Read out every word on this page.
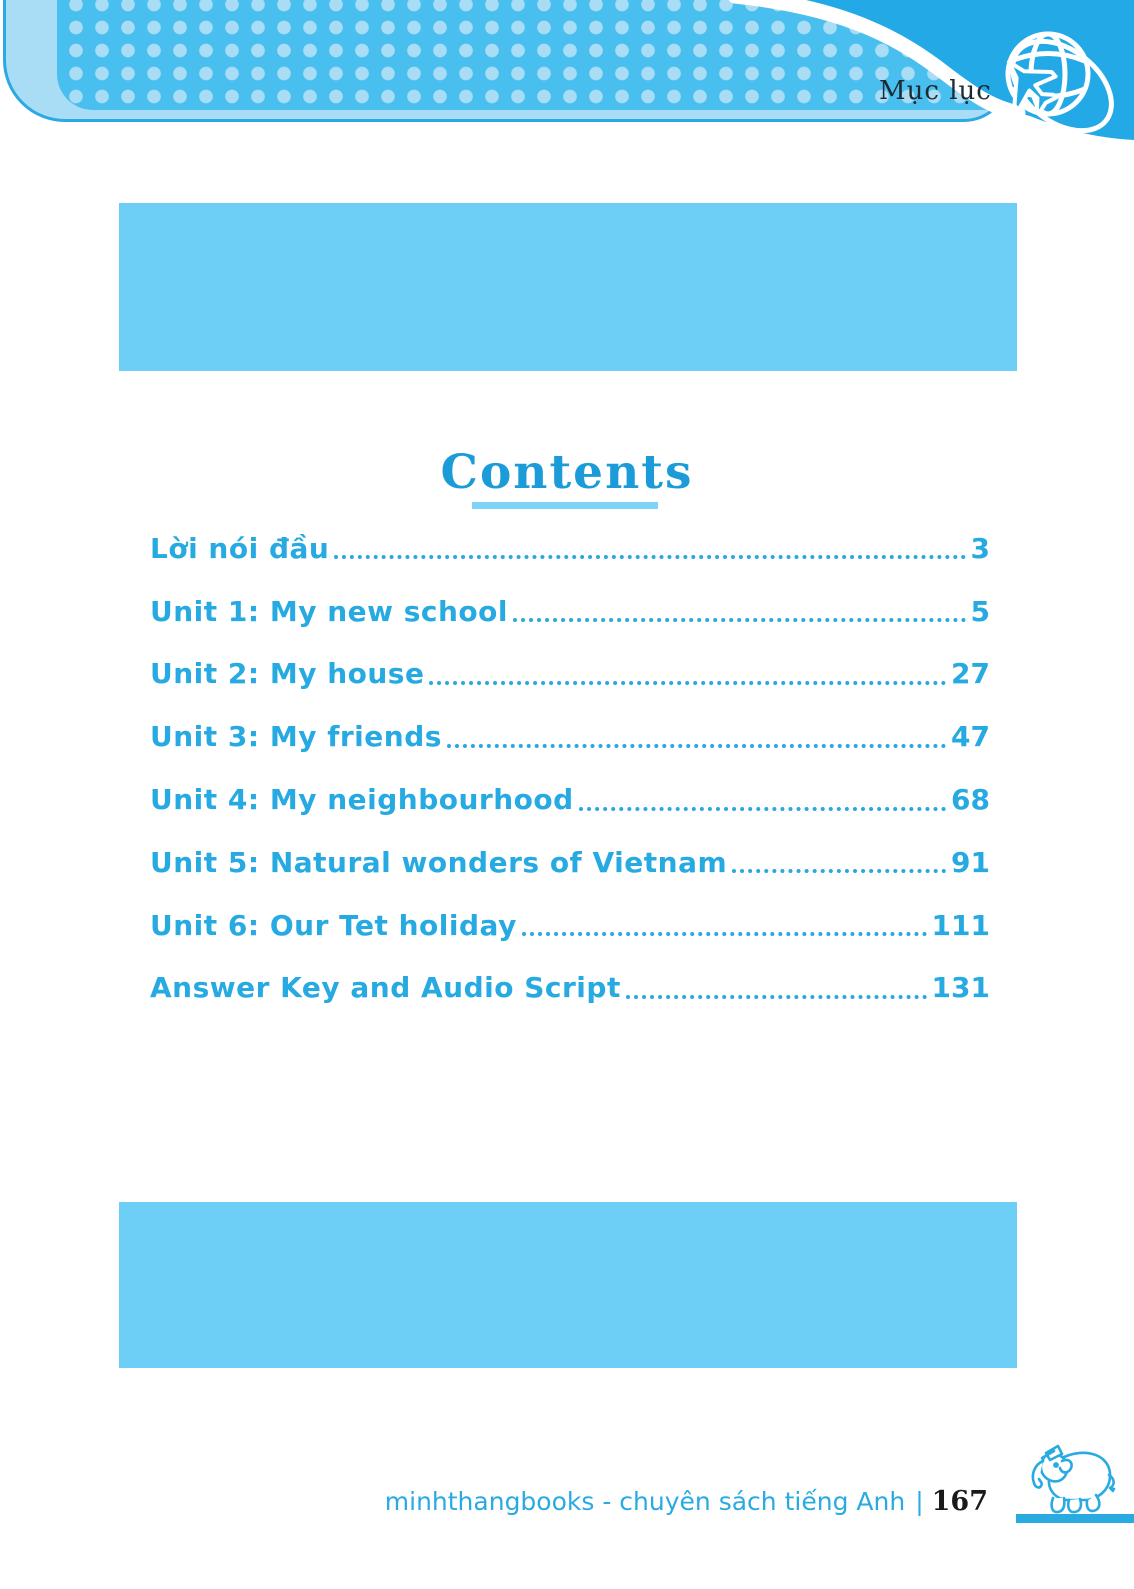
Mục lục
Contents
Lời nói đầu	3
Unit 1: My new school	5
Unit 2: My house	27
Unit 3: My friends	47
Unit 4: My neighbourhood	68
Unit 5: Natural wonders of Vietnam	91
Unit 6: Our Tet holiday	111
Answer Key and Audio Script	131
minhthangbooks - chuyên sách tiếng Anh | 167
